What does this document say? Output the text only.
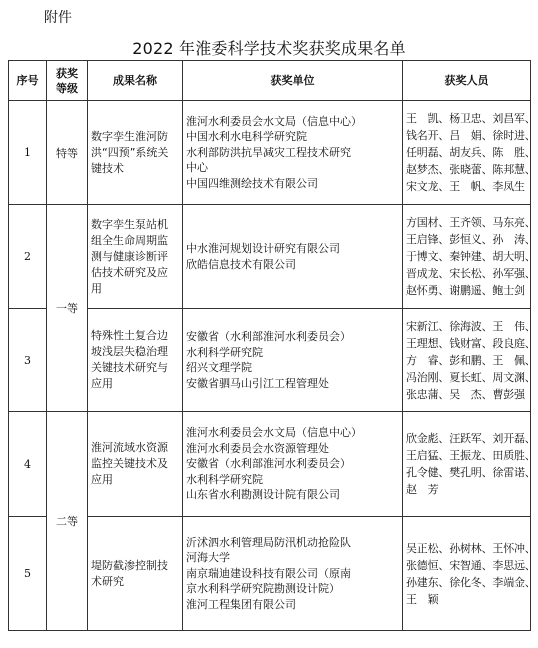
附件
2022 年淮委科学技术奖获奖成果名单
序号	获奖等级	成果名称	获奖单位	获奖人员
1	特等	数字孪生淮河防
洪“四预”系统关
键技术	淮河水利委员会水文局（信息中心）
中国水利水电科学研究院
水利部防洪抗旱减灾工程技术研究
中心
中国四维测绘技术有限公司	王　凯、杨卫忠、刘昌军、
钱名开、吕　娟、徐时进、
任明磊、胡友兵、陈　胜、
赵梦杰、张晓蕾、陈邦慧、
宋文龙、王　帆、李凤生

2	一等	数字孪生泵站机
组全生命周期监
测与健康诊断评
估技术研究及应
用	中水淮河规划设计研究有限公司
欣皓信息技术有限公司	方国材、王齐领、马东亮、
王启锋、彭恒义、孙　涛、
于博文、秦钟建、胡大明、
晋成龙、宋长松、孙军强、
赵怀勇、谢鹏遥、鲍士剑

3		特殊性土复合边
坡浅层失稳治理
关键技术研究与
应用	安徽省（水利部淮河水利委员会）
水利科学研究院
绍兴文理学院
安徽省驷马山引江工程管理处	宋新江、徐海波、王　伟、
王理想、钱财富、段良庭、
方　睿、彭和鹏、王　佩、
冯治刚、夏长虹、周文渊、
张忠蒲、吴　杰、曹彭强

4	二等	淮河流域水资源
监控关键技术及
应用	淮河水利委员会水文局（信息中心）
淮河水利委员会水资源管理处
安徽省（水利部淮河水利委员会）
水利科学研究院
山东省水利勘测设计院有限公司	欣金彪、汪跃军、刘开磊、
王启猛、王振龙、田质胜、
孔令健、樊孔明、徐雷诺、
赵　芳

5		堤防截渗控制技
术研究	沂沭泗水利管理局防汛机动抢险队
河海大学
南京瑞迪建设科技有限公司（原南
京水利科学研究院勘测设计院）
淮河工程集团有限公司	吴正松、孙树林、王怀冲、
张德恒、宋智通、李思远、
孙建东、徐化冬、李端金、
王　颖
